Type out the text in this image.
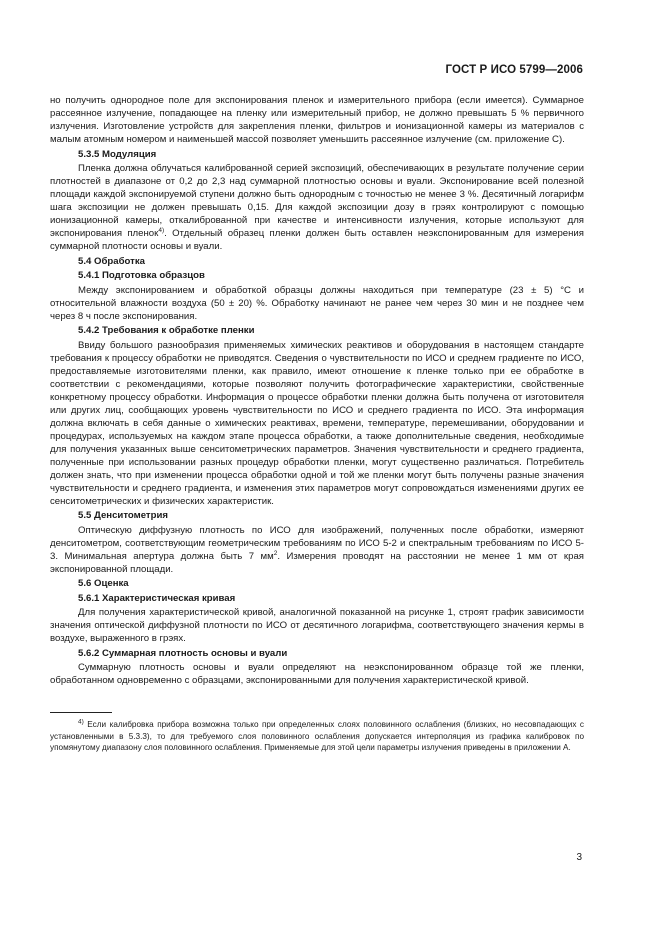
ГОСТ Р ИСО 5799—2006

но получить однородное поле для экспонирования пленок и измерительного прибора (если имеется). Суммарное рассеянное излучение, попадающее на пленку или измерительный прибор, не должно превышать 5 % первичного излучения. Изготовление устройств для закрепления пленки, фильтров и ионизационной камеры из материалов с малым атомным номером и наименьшей массой позволяет уменьшить рассеянное излучение (см. приложение С).

5.3.5 Модуляция

Пленка должна облучаться калиброванной серией экспозиций, обеспечивающих в результате получение серии плотностей в диапазоне от 0,2 до 2,3 над суммарной плотностью основы и вуали. Экспонирование всей полезной площади каждой экспонируемой ступени должно быть однородным с точностью не менее 3 %. Десятичный логарифм шага экспозиции не должен превышать 0,15. Для каждой экспозиции дозу в грэях контролируют с помощью ионизационной камеры, откалиброванной при качестве и интенсивности излучения, которые используют для экспонирования пленок$^{4)}$. Отдельный образец пленки должен быть оставлен неэкспонированным для измерения суммарной плотности основы и вуали.

5.4 Обработка
5.4.1 Подготовка образцов

Между экспонированием и обработкой образцы должны находиться при температуре (23 ± 5) °С и относительной влажности воздуха (50 ± 20) %. Обработку начинают не ранее чем через 30 мин и не позднее чем через 8 ч после экспонирования.

5.4.2 Требования к обработке пленки

Ввиду большого разнообразия применяемых химических реактивов и оборудования в настоящем стандарте требования к процессу обработки не приводятся. Сведения о чувствительности по ИСО и среднем градиенте по ИСО, предоставляемые изготовителями пленки, как правило, имеют отношение к пленке только при ее обработке в соответствии с рекомендациями, которые позволяют получить фотографические характеристики, свойственные конкретному процессу обработки. Информация о процессе обработки пленки должна быть получена от изготовителя или других лиц, сообщающих уровень чувствительности по ИСО и среднего градиента по ИСО. Эта информация должна включать в себя данные о химических реактивах, времени, температуре, перемешивании, оборудовании и процедурах, используемых на каждом этапе процесса обработки, а также дополнительные сведения, необходимые для получения указанных выше сенситометрических параметров. Значения чувствительности и среднего градиента, полученные при использовании разных процедур обработки пленки, могут существенно различаться. Потребитель должен знать, что при изменении процесса обработки одной и той же пленки могут быть получены разные значения чувствительности и среднего градиента, и изменения этих параметров могут сопровождаться изменениями других ее сенситометрических и физических характеристик.

5.5 Денситометрия

Оптическую диффузную плотность по ИСО для изображений, полученных после обработки, измеряют денситометром, соответствующим геометрическим требованиям по ИСО 5-2 и спектральным требованиям по ИСО 5-3. Минимальная апертура должна быть 7 $мм^2$. Измерения проводят на расстоянии не менее 1 мм от края экспонированной площади.

5.6 Оценка
5.6.1 Характеристическая кривая

Для получения характеристической кривой, аналогичной показанной на рисунке 1, строят график зависимости значения оптической диффузной плотности по ИСО от десятичного логарифма, соответствующего значения кермы в воздухе, выраженного в грэях.

5.6.2 Суммарная плотность основы и вуали

Суммарную плотность основы и вуали определяют на неэкспонированном образце той же пленки, обработанном одновременно с образцами, экспонированными для получения характеристической кривой.

$^{4)}$ Если калибровка прибора возможна только при определенных слоях половинного ослабления (близких, но несовпадающих с установленными в 5.3.3), то для требуемого слоя половинного ослабления допускается интерполяция из графика калибровок по упомянутому диапазону слоя половинного ослабления. Применяемые для этой цели параметры излучения приведены в приложении А.

3
